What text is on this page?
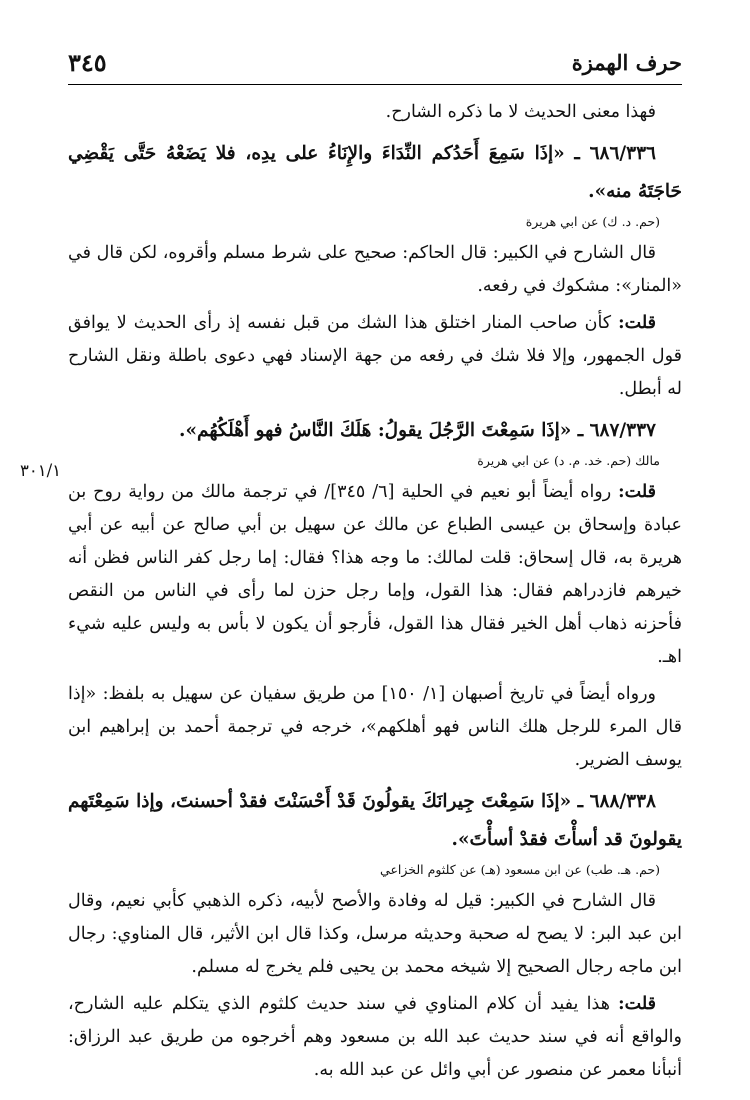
٣٤٥	حرف الهمزة
٣٠١/١

فهذا معنى الحديث لا ما ذكره الشارح.

٦٨٦/٣٣٦ ـ «إذَا سَمِعَ أَحَدُكم النِّدَاءَ والإِنَاءُ على يدِه، فلا يَضَعْهُ حَتَّى يَقْضِي حَاجَتَهُ منه».

(حم. د. ك) عن ابي هريرة

قال الشارح في الكبير: قال الحاكم: صحيح على شرط مسلم وأقروه، لكن قال في «المنار»: مشكوك في رفعه.

قلت: كأن صاحب المنار اختلق هذا الشك من قبل نفسه إذ رأى الحديث لا يوافق قول الجمهور، وإلا فلا شك في رفعه من جهة الإسناد فهي دعوى باطلة ونقل الشارح له أبطل.

٦٨٧/٣٣٧ ـ «إذَا سَمِعْتَ الرَّجُلَ يقولُ: هَلَكَ النَّاسُ فهو أَهْلَكُهُم».

مالك (حم. خد. م. د) عن ابي هريرة

قلت: رواه أيضاً أبو نعيم في الحلية [٦/ ٣٤٥]/ في ترجمة مالك من رواية روح بن عبادة وإسحاق بن عيسى الطباع عن مالك عن سهيل بن أبي صالح عن أبيه عن أبي هريرة به، قال إسحاق: قلت لمالك: ما وجه هذا؟ فقال: إما رجل كفر الناس فظن أنه خيرهم فازدراهم فقال: هذا القول، وإما رجل حزن لما رأى في الناس من النقص فأحزنه ذهاب أهل الخير فقال هذا القول، فأرجو أن يكون لا بأس به وليس عليه شيء اهـ.

ورواه أيضاً في تاريخ أصبهان [١/ ١٥٠] من طريق سفيان عن سهيل به بلفظ: «إذا قال المرء للرجل هلك الناس فهو أهلكهم»، خرجه في ترجمة أحمد بن إبراهيم ابن يوسف الضرير.

٦٨٨/٣٣٨ ـ «إذَا سَمِعْتَ جِيرانَكَ يقولُونَ قَدْ أَحْسَنْتَ فقدْ أحسنتَ، وإذا سَمِعْتَهم يقولونَ قد أسأْتَ فقدْ أسأْتَ».

(حم. هـ. طب) عن ابن مسعود (هـ) عن كلثوم الخزاعي

قال الشارح في الكبير: قيل له وفادة والأصح لأبيه، ذكره الذهبي كأبي نعيم، وقال ابن عبد البر: لا يصح له صحبة وحديثه مرسل، وكذا قال ابن الأثير، قال المناوي: رجال ابن ماجه رجال الصحيح إلا شيخه محمد بن يحيى فلم يخرج له مسلم.

قلت: هذا يفيد أن كلام المناوي في سند حديث كلثوم الذي يتكلم عليه الشارح، والواقع أنه في سند حديث عبد الله بن مسعود وهم أخرجوه من طريق عبد الرزاق: أنبأنا معمر عن منصور عن أبي وائل عن عبد الله به.
